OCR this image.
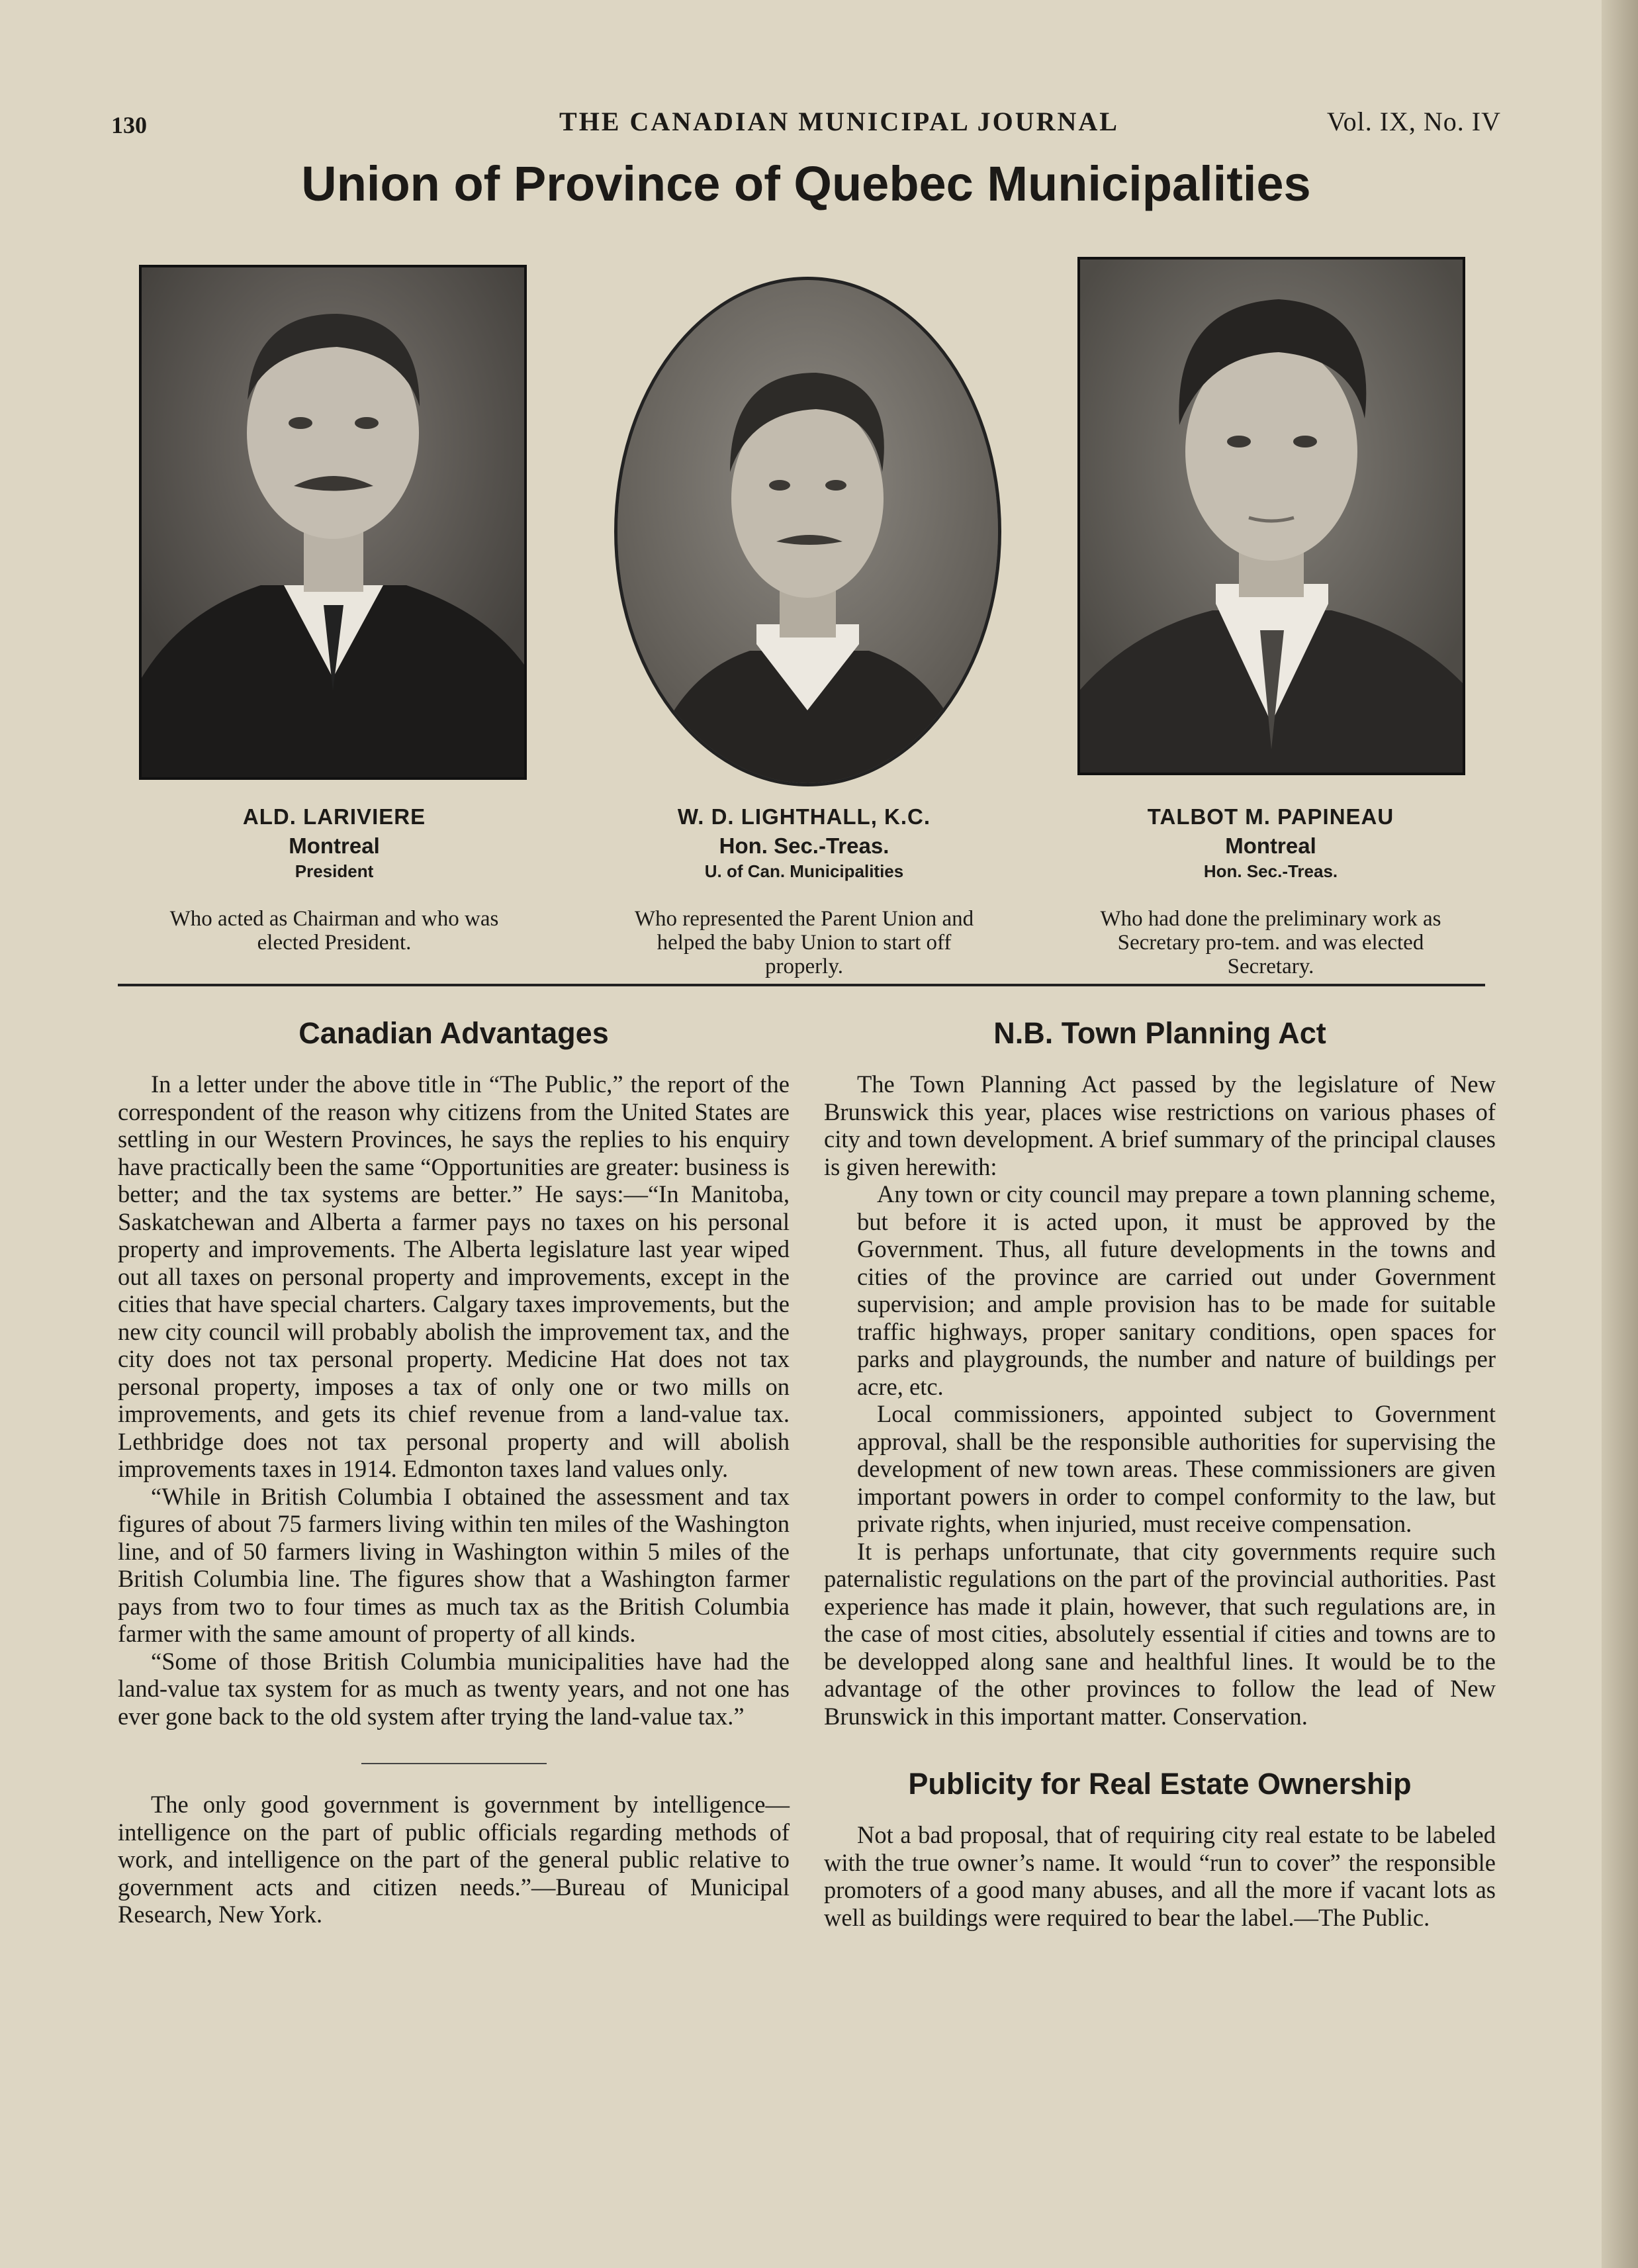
130	THE CANADIAN MUNICIPAL JOURNAL	Vol. IX, No. IV
Union of Province of Quebec Municipalities
ALD. LARIVIERE
Montreal
President
Who acted as Chairman and who was elected President.
W. D. LIGHTHALL, K.C.
Hon. Sec.-Treas.
U. of Can. Municipalities
Who represented the Parent Union and helped the baby Union to start off properly.
TALBOT M. PAPINEAU
Montreal
Hon. Sec.-Treas.
Who had done the preliminary work as Secretary pro-tem. and was elected Secretary.
Canadian Advantages

In a letter under the above title in “The Public,” the report of the correspondent of the reason why citizens from the United States are settling in our Western Provinces, he says the replies to his enquiry have practically been the same “Opportunities are greater: business is better; and the tax systems are better.” He says:—“In Manitoba, Saskatchewan and Alberta a farmer pays no taxes on his personal property and improvements. The Alberta legislature last year wiped out all taxes on personal property and improvements, except in the cities that have special charters. Calgary taxes improvements, but the new city council will probably abolish the improvement tax, and the city does not tax personal property. Medicine Hat does not tax personal property, imposes a tax of only one or two mills on improvements, and gets its chief revenue from a land-value tax. Lethbridge does not tax personal property and will abolish improvements taxes in 1914. Edmonton taxes land values only.

“While in British Columbia I obtained the assessment and tax figures of about 75 farmers living within ten miles of the Washington line, and of 50 farmers living in Washington within 5 miles of the British Columbia line. The figures show that a Washington farmer pays from two to four times as much tax as the British Columbia farmer with the same amount of property of all kinds.

“Some of those British Columbia municipalities have had the land-value tax system for as much as twenty years, and not one has ever gone back to the old system after trying the land-value tax.”

The only good government is government by intelligence—intelligence on the part of public officials regarding methods of work, and intelligence on the part of the general public relative to government acts and citizen needs.”—Bureau of Municipal Research, New York.

N.B. Town Planning Act

The Town Planning Act passed by the legislature of New Brunswick this year, places wise restrictions on various phases of city and town development. A brief summary of the principal clauses is given herewith:

Any town or city council may prepare a town planning scheme, but before it is acted upon, it must be approved by the Government. Thus, all future developments in the towns and cities of the province are carried out under Government supervision; and ample provision has to be made for suitable traffic highways, proper sanitary conditions, open spaces for parks and playgrounds, the number and nature of buildings per acre, etc.

Local commissioners, appointed subject to Government approval, shall be the responsible authorities for supervising the development of new town areas. These commissioners are given important powers in order to compel conformity to the law, but private rights, when injuried, must receive compensation.

It is perhaps unfortunate, that city governments require such paternalistic regulations on the part of the provincial authorities. Past experience has made it plain, however, that such regulations are, in the case of most cities, absolutely essential if cities and towns are to be developped along sane and healthful lines. It would be to the advantage of the other provinces to follow the lead of New Brunswick in this important matter. Conservation.

Publicity for Real Estate Ownership

Not a bad proposal, that of requiring city real estate to be labeled with the true owner’s name. It would “run to cover” the responsible promoters of a good many abuses, and all the more if vacant lots as well as buildings were required to bear the label.—The Public.
